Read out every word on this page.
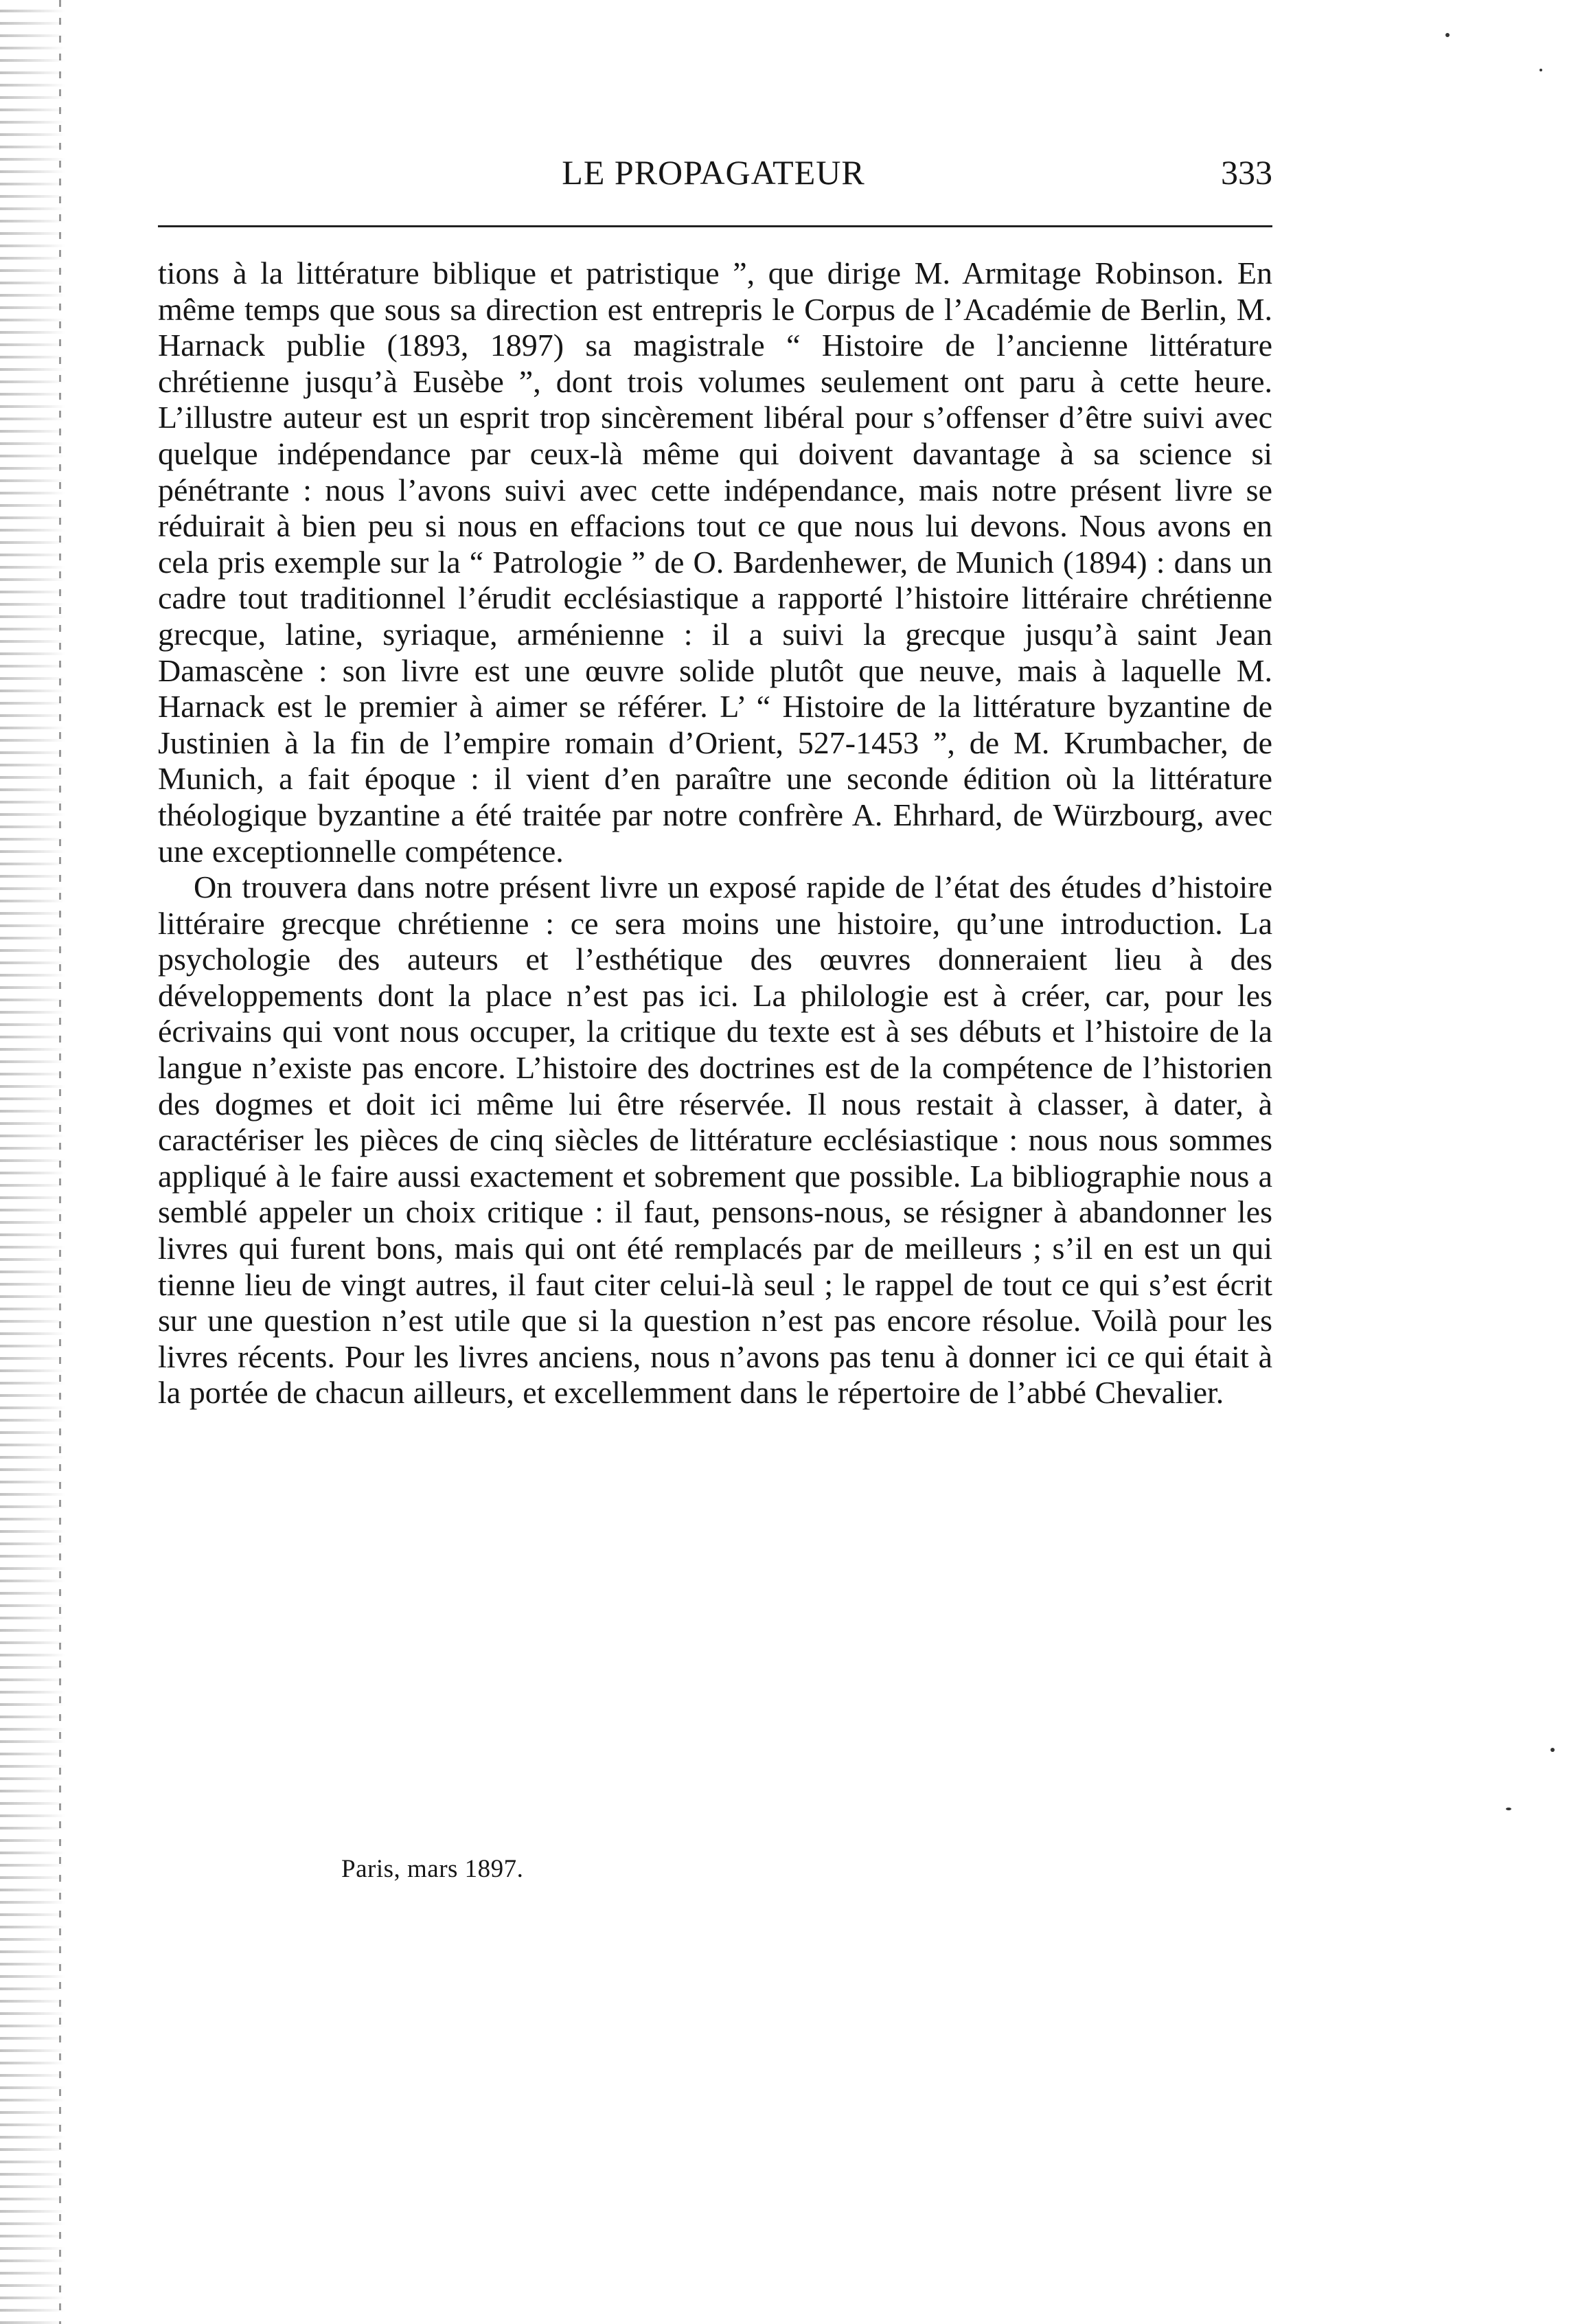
LE PROPAGATEUR	333

tions à la littérature biblique et patristique ”, que dirige M. Armitage Robinson. En même temps que sous sa direction est entrepris le Corpus de l’Académie de Berlin, M. Harnack publie (1893, 1897) sa magistrale “ Histoire de l’ancienne littérature chrétienne jusqu’à Eusèbe ”, dont trois volumes seulement ont paru à cette heure. L’illustre auteur est un esprit trop sincèrement libéral pour s’offenser d’être suivi avec quelque indépendance par ceux-là même qui doivent davantage à sa science si pénétrante : nous l’avons suivi avec cette indépendance, mais notre présent livre se réduirait à bien peu si nous en effacions tout ce que nous lui devons. Nous avons en cela pris exemple sur la “ Patrologie ” de O. Bardenhewer, de Munich (1894) : dans un cadre tout traditionnel l’érudit ecclésiastique a rapporté l’histoire littéraire chrétienne grecque, latine, syriaque, arménienne : il a suivi la grecque jusqu’à saint Jean Damascène : son livre est une œuvre solide plutôt que neuve, mais à laquelle M. Harnack est le premier à aimer se référer. L’ “ Histoire de la littérature byzantine de Justinien à la fin de l’empire romain d’Orient, 527-1453 ”, de M. Krumbacher, de Munich, a fait époque : il vient d’en paraître une seconde édition où la littérature théologique byzantine a été traitée par notre confrère A. Ehrhard, de Würzbourg, avec une exceptionnelle compétence.

On trouvera dans notre présent livre un exposé rapide de l’état des études d’histoire littéraire grecque chrétienne : ce sera moins une histoire, qu’une introduction. La psychologie des auteurs et l’esthétique des œuvres donneraient lieu à des développements dont la place n’est pas ici. La philologie est à créer, car, pour les écrivains qui vont nous occuper, la critique du texte est à ses débuts et l’histoire de la langue n’existe pas encore. L’histoire des doctrines est de la compétence de l’historien des dogmes et doit ici même lui être réservée. Il nous restait à classer, à dater, à caractériser les pièces de cinq siècles de littérature ecclésiastique : nous nous sommes appliqué à le faire aussi exactement et sobrement que possible. La bibliographie nous a semblé appeler un choix critique : il faut, pensons-nous, se résigner à abandonner les livres qui furent bons, mais qui ont été remplacés par de meilleurs ; s’il en est un qui tienne lieu de vingt autres, il faut citer celui-là seul ; le rappel de tout ce qui s’est écrit sur une question n’est utile que si la question n’est pas encore résolue. Voilà pour les livres récents. Pour les livres anciens, nous n’avons pas tenu à donner ici ce qui était à la portée de chacun ailleurs, et excellemment dans le répertoire de l’abbé Chevalier.

Paris, mars 1897.
